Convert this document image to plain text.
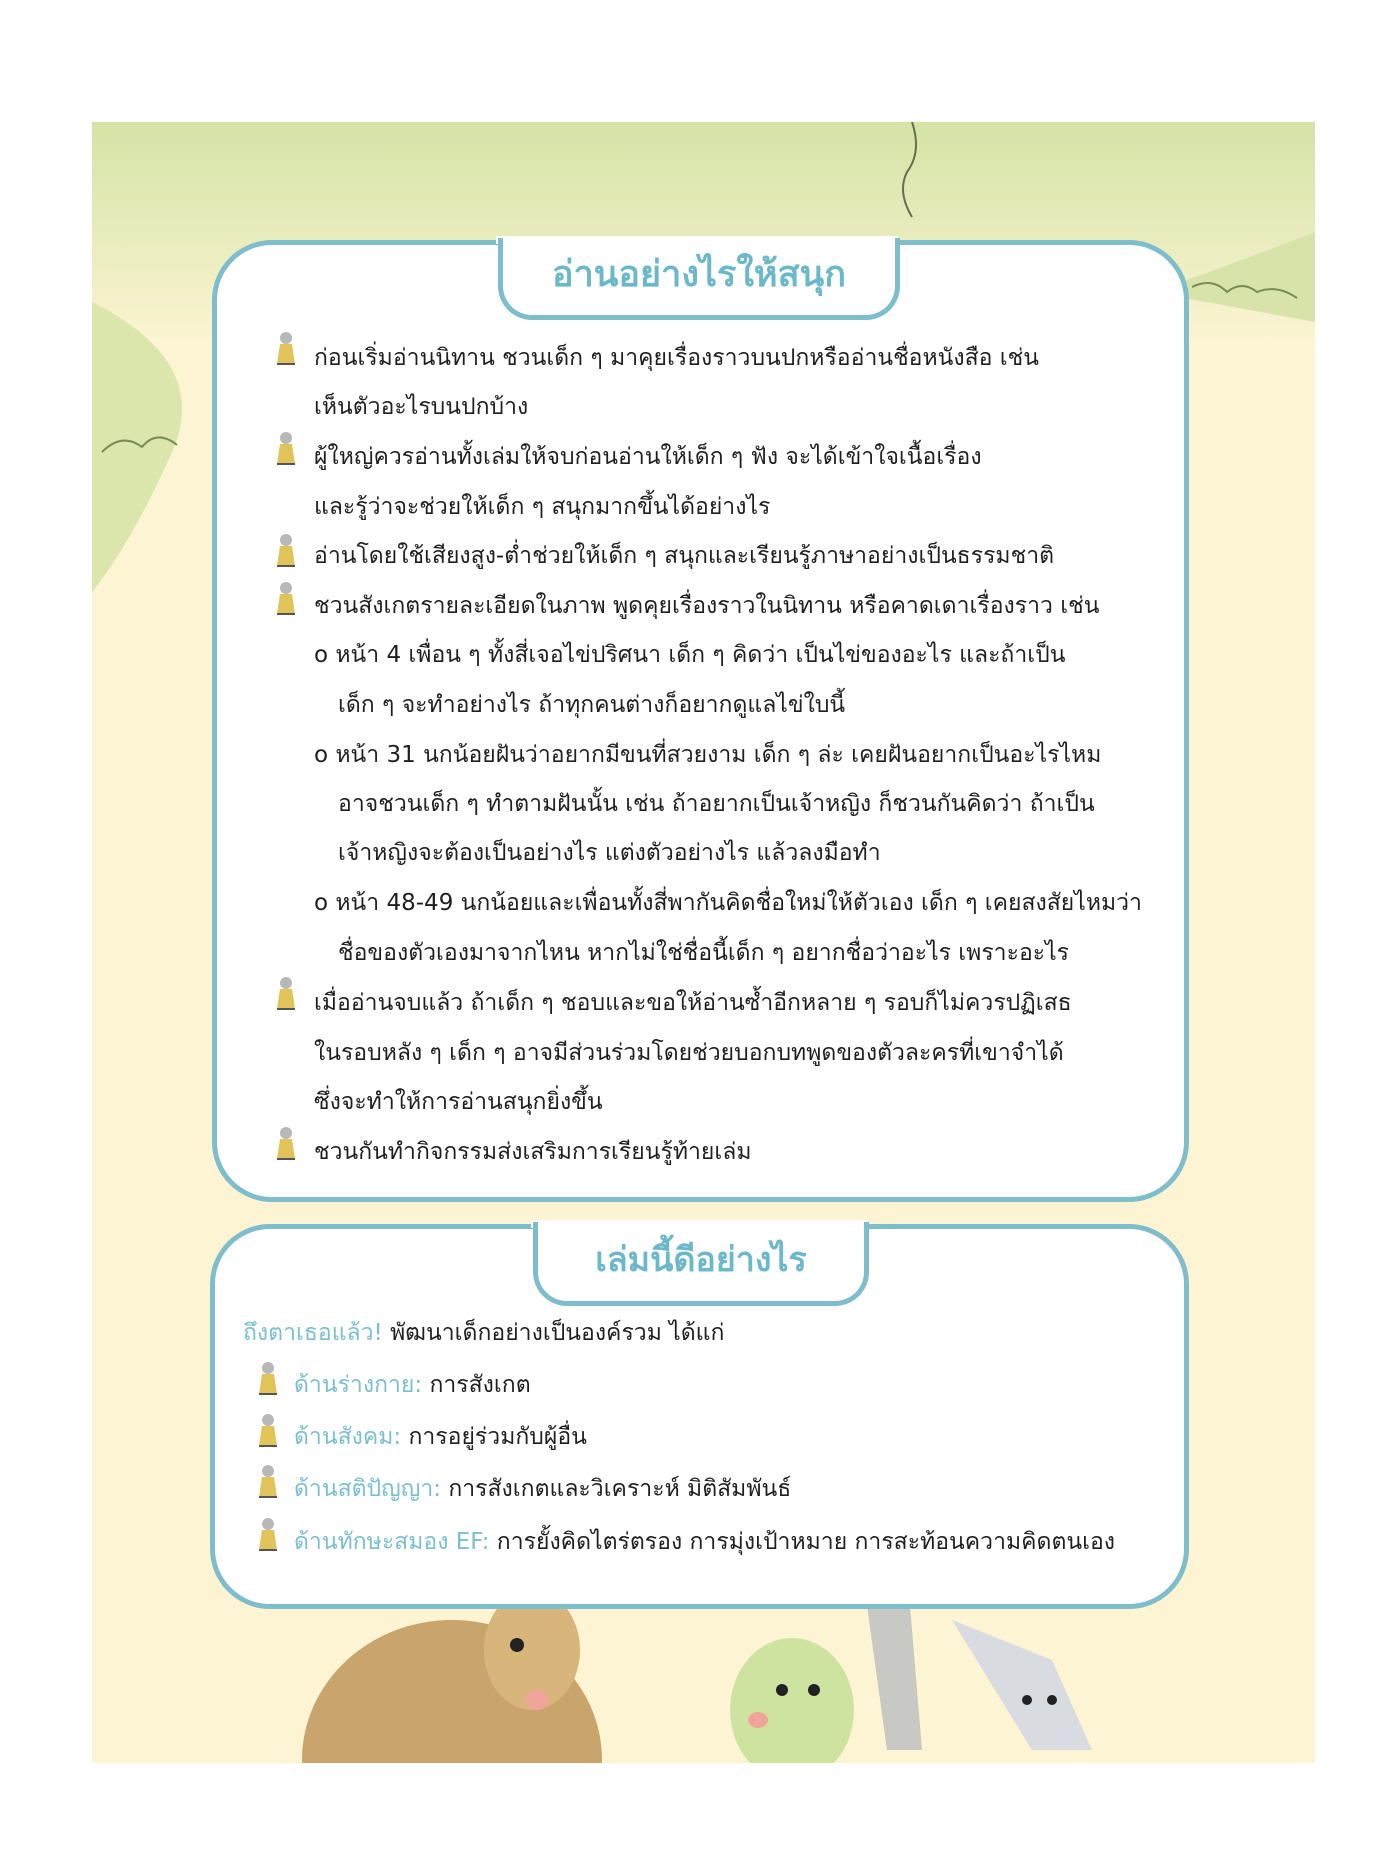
อ่านอย่างไรให้สนุก
ก่อนเริ่มอ่านนิทาน ชวนเด็ก ๆ มาคุยเรื่องราวบนปกหรืออ่านชื่อหนังสือ เช่น
เห็นตัวอะไรบนปกบ้าง
ผู้ใหญ่ควรอ่านทั้งเล่มให้จบก่อนอ่านให้เด็ก ๆ ฟัง จะได้เข้าใจเนื้อเรื่อง
และรู้ว่าจะช่วยให้เด็ก ๆ สนุกมากขึ้นได้อย่างไร
อ่านโดยใช้เสียงสูง-ต่ำช่วยให้เด็ก ๆ สนุกและเรียนรู้ภาษาอย่างเป็นธรรมชาติ
ชวนสังเกตรายละเอียดในภาพ พูดคุยเรื่องราวในนิทาน หรือคาดเดาเรื่องราว เช่น
o หน้า 4 เพื่อน ๆ ทั้งสี่เจอไข่ปริศนา เด็ก ๆ คิดว่า เป็นไข่ของอะไร และถ้าเป็น
เด็ก ๆ จะทำอย่างไร ถ้าทุกคนต่างก็อยากดูแลไข่ใบนี้
o หน้า 31 นกน้อยฝันว่าอยากมีขนที่สวยงาม เด็ก ๆ ล่ะ เคยฝันอยากเป็นอะไรไหม
อาจชวนเด็ก ๆ ทำตามฝันนั้น เช่น ถ้าอยากเป็นเจ้าหญิง ก็ชวนกันคิดว่า ถ้าเป็น
เจ้าหญิงจะต้องเป็นอย่างไร แต่งตัวอย่างไร แล้วลงมือทำ
o หน้า 48-49 นกน้อยและเพื่อนทั้งสี่พากันคิดชื่อใหม่ให้ตัวเอง เด็ก ๆ เคยสงสัยไหมว่า
ชื่อของตัวเองมาจากไหน หากไม่ใช่ชื่อนี้เด็ก ๆ อยากชื่อว่าอะไร เพราะอะไร
เมื่ออ่านจบแล้ว ถ้าเด็ก ๆ ชอบและขอให้อ่านซ้ำอีกหลาย ๆ รอบก็ไม่ควรปฏิเสธ
ในรอบหลัง ๆ เด็ก ๆ อาจมีส่วนร่วมโดยช่วยบอกบทพูดของตัวละครที่เขาจำได้
ซึ่งจะทำให้การอ่านสนุกยิ่งขึ้น
ชวนกันทำกิจกรรมส่งเสริมการเรียนรู้ท้ายเล่ม
เล่มนี้ดีอย่างไร
ถึงตาเธอแล้ว! พัฒนาเด็กอย่างเป็นองค์รวม ได้แก่
ด้านร่างกาย: การสังเกต
ด้านสังคม: การอยู่ร่วมกับผู้อื่น
ด้านสติปัญญา: การสังเกตและวิเคราะห์ มิติสัมพันธ์
ด้านทักษะสมอง EF: การยั้งคิดไตร่ตรอง การมุ่งเป้าหมาย การสะท้อนความคิดตนเอง
